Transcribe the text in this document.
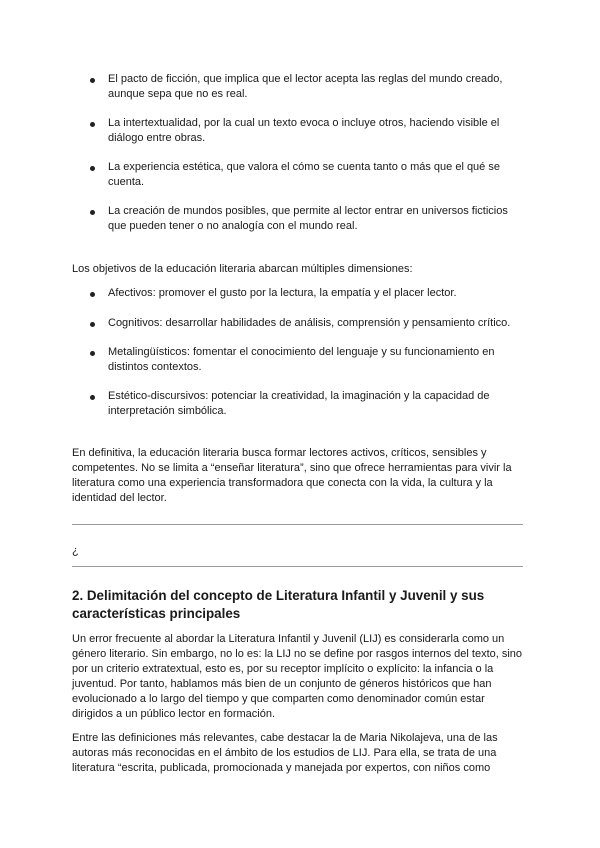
El pacto de ficción, que implica que el lector acepta las reglas del mundo creado, aunque sepa que no es real.
La intertextualidad, por la cual un texto evoca o incluye otros, haciendo visible el diálogo entre obras.
La experiencia estética, que valora el cómo se cuenta tanto o más que el qué se cuenta.
La creación de mundos posibles, que permite al lector entrar en universos ficticios que pueden tener o no analogía con el mundo real.

Los objetivos de la educación literaria abarcan múltiples dimensiones:

Afectivos: promover el gusto por la lectura, la empatía y el placer lector.
Cognitivos: desarrollar habilidades de análisis, comprensión y pensamiento crítico.
Metalingüísticos: fomentar el conocimiento del lenguaje y su funcionamiento en distintos contextos.
Estético-discursivos: potenciar la creatividad, la imaginación y la capacidad de interpretación simbólica.

En definitiva, la educación literaria busca formar lectores activos, críticos, sensibles y competentes. No se limita a “enseñar literatura”, sino que ofrece herramientas para vivir la literatura como una experiencia transformadora que conecta con la vida, la cultura y la identidad del lector.

¿
2. Delimitación del concepto de Literatura Infantil y Juvenil y sus características principales

Un error frecuente al abordar la Literatura Infantil y Juvenil (LIJ) es considerarla como un género literario. Sin embargo, no lo es: la LIJ no se define por rasgos internos del texto, sino por un criterio extratextual, esto es, por su receptor implícito o explícito: la infancia o la juventud. Por tanto, hablamos más bien de un conjunto de géneros históricos que han evolucionado a lo largo del tiempo y que comparten como denominador común estar dirigidos a un público lector en formación.

Entre las definiciones más relevantes, cabe destacar la de Maria Nikolajeva, una de las autoras más reconocidas en el ámbito de los estudios de LIJ. Para ella, se trata de una literatura “escrita, publicada, promocionada y manejada por expertos, con niños como
